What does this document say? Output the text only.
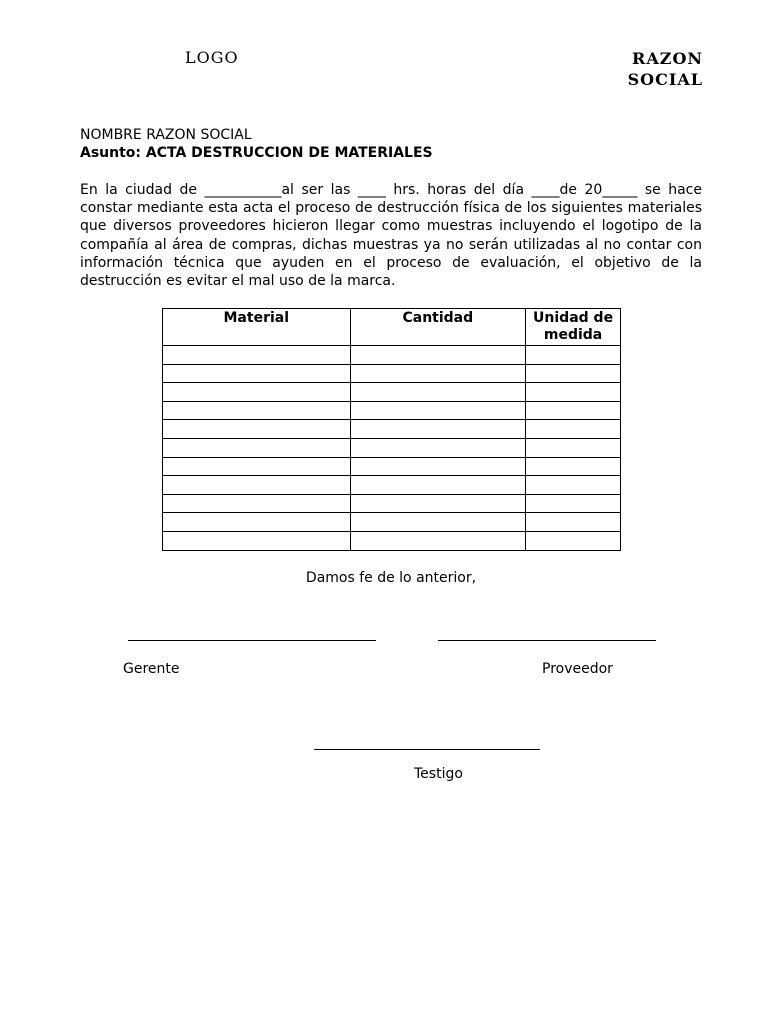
LOGO	RAZON
SOCIAL
NOMBRE RAZON SOCIAL
Asunto: ACTA DESTRUCCION DE MATERIALES
En la ciudad de ___________al ser las ____ hrs. horas del día ____de 20_____ se hace constar mediante esta acta el proceso de destrucción física de los siguientes materiales que diversos proveedores hicieron llegar como muestras incluyendo el logotipo de la compañía al área de compras, dichas muestras ya no serán utilizadas al no contar con información técnica que ayuden en el proceso de evaluación, el objetivo de la destrucción es evitar el mal uso de la marca.
Material	Cantidad	Unidad de medida

Damos fe de lo anterior,
Gerente	Proveedor
Testigo
